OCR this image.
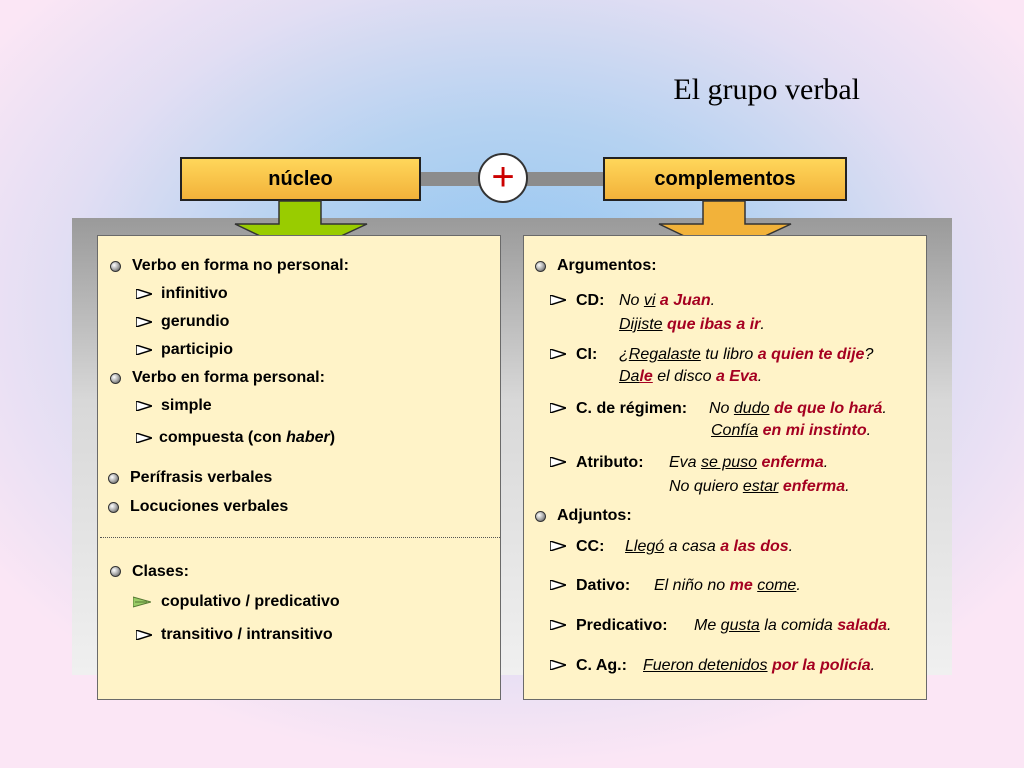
El grupo verbal
núcleo	complementos
+
Verbo en forma no personal:
infinitivo
gerundio
participio
Verbo en forma personal:
simple
compuesta (con haber)
Perífrasis verbales
Locuciones verbales
Clases:
copulativo / predicativo
transitivo / intransitivo
Argumentos:
CD: No vi a Juan.
Dijiste que ibas a ir.
CI: ¿Regalaste tu libro a quien te dije?
Dale el disco a Eva.
C. de régimen: No dudo de que lo hará.
Confía en mi instinto.
Atributo: Eva se puso enferma.
No quiero estar enferma.
Adjuntos:
CC: Llegó a casa a las dos.
Dativo: El niño no me come.
Predicativo: Me gusta la comida salada.
C. Ag.: Fueron detenidos por la policía.
